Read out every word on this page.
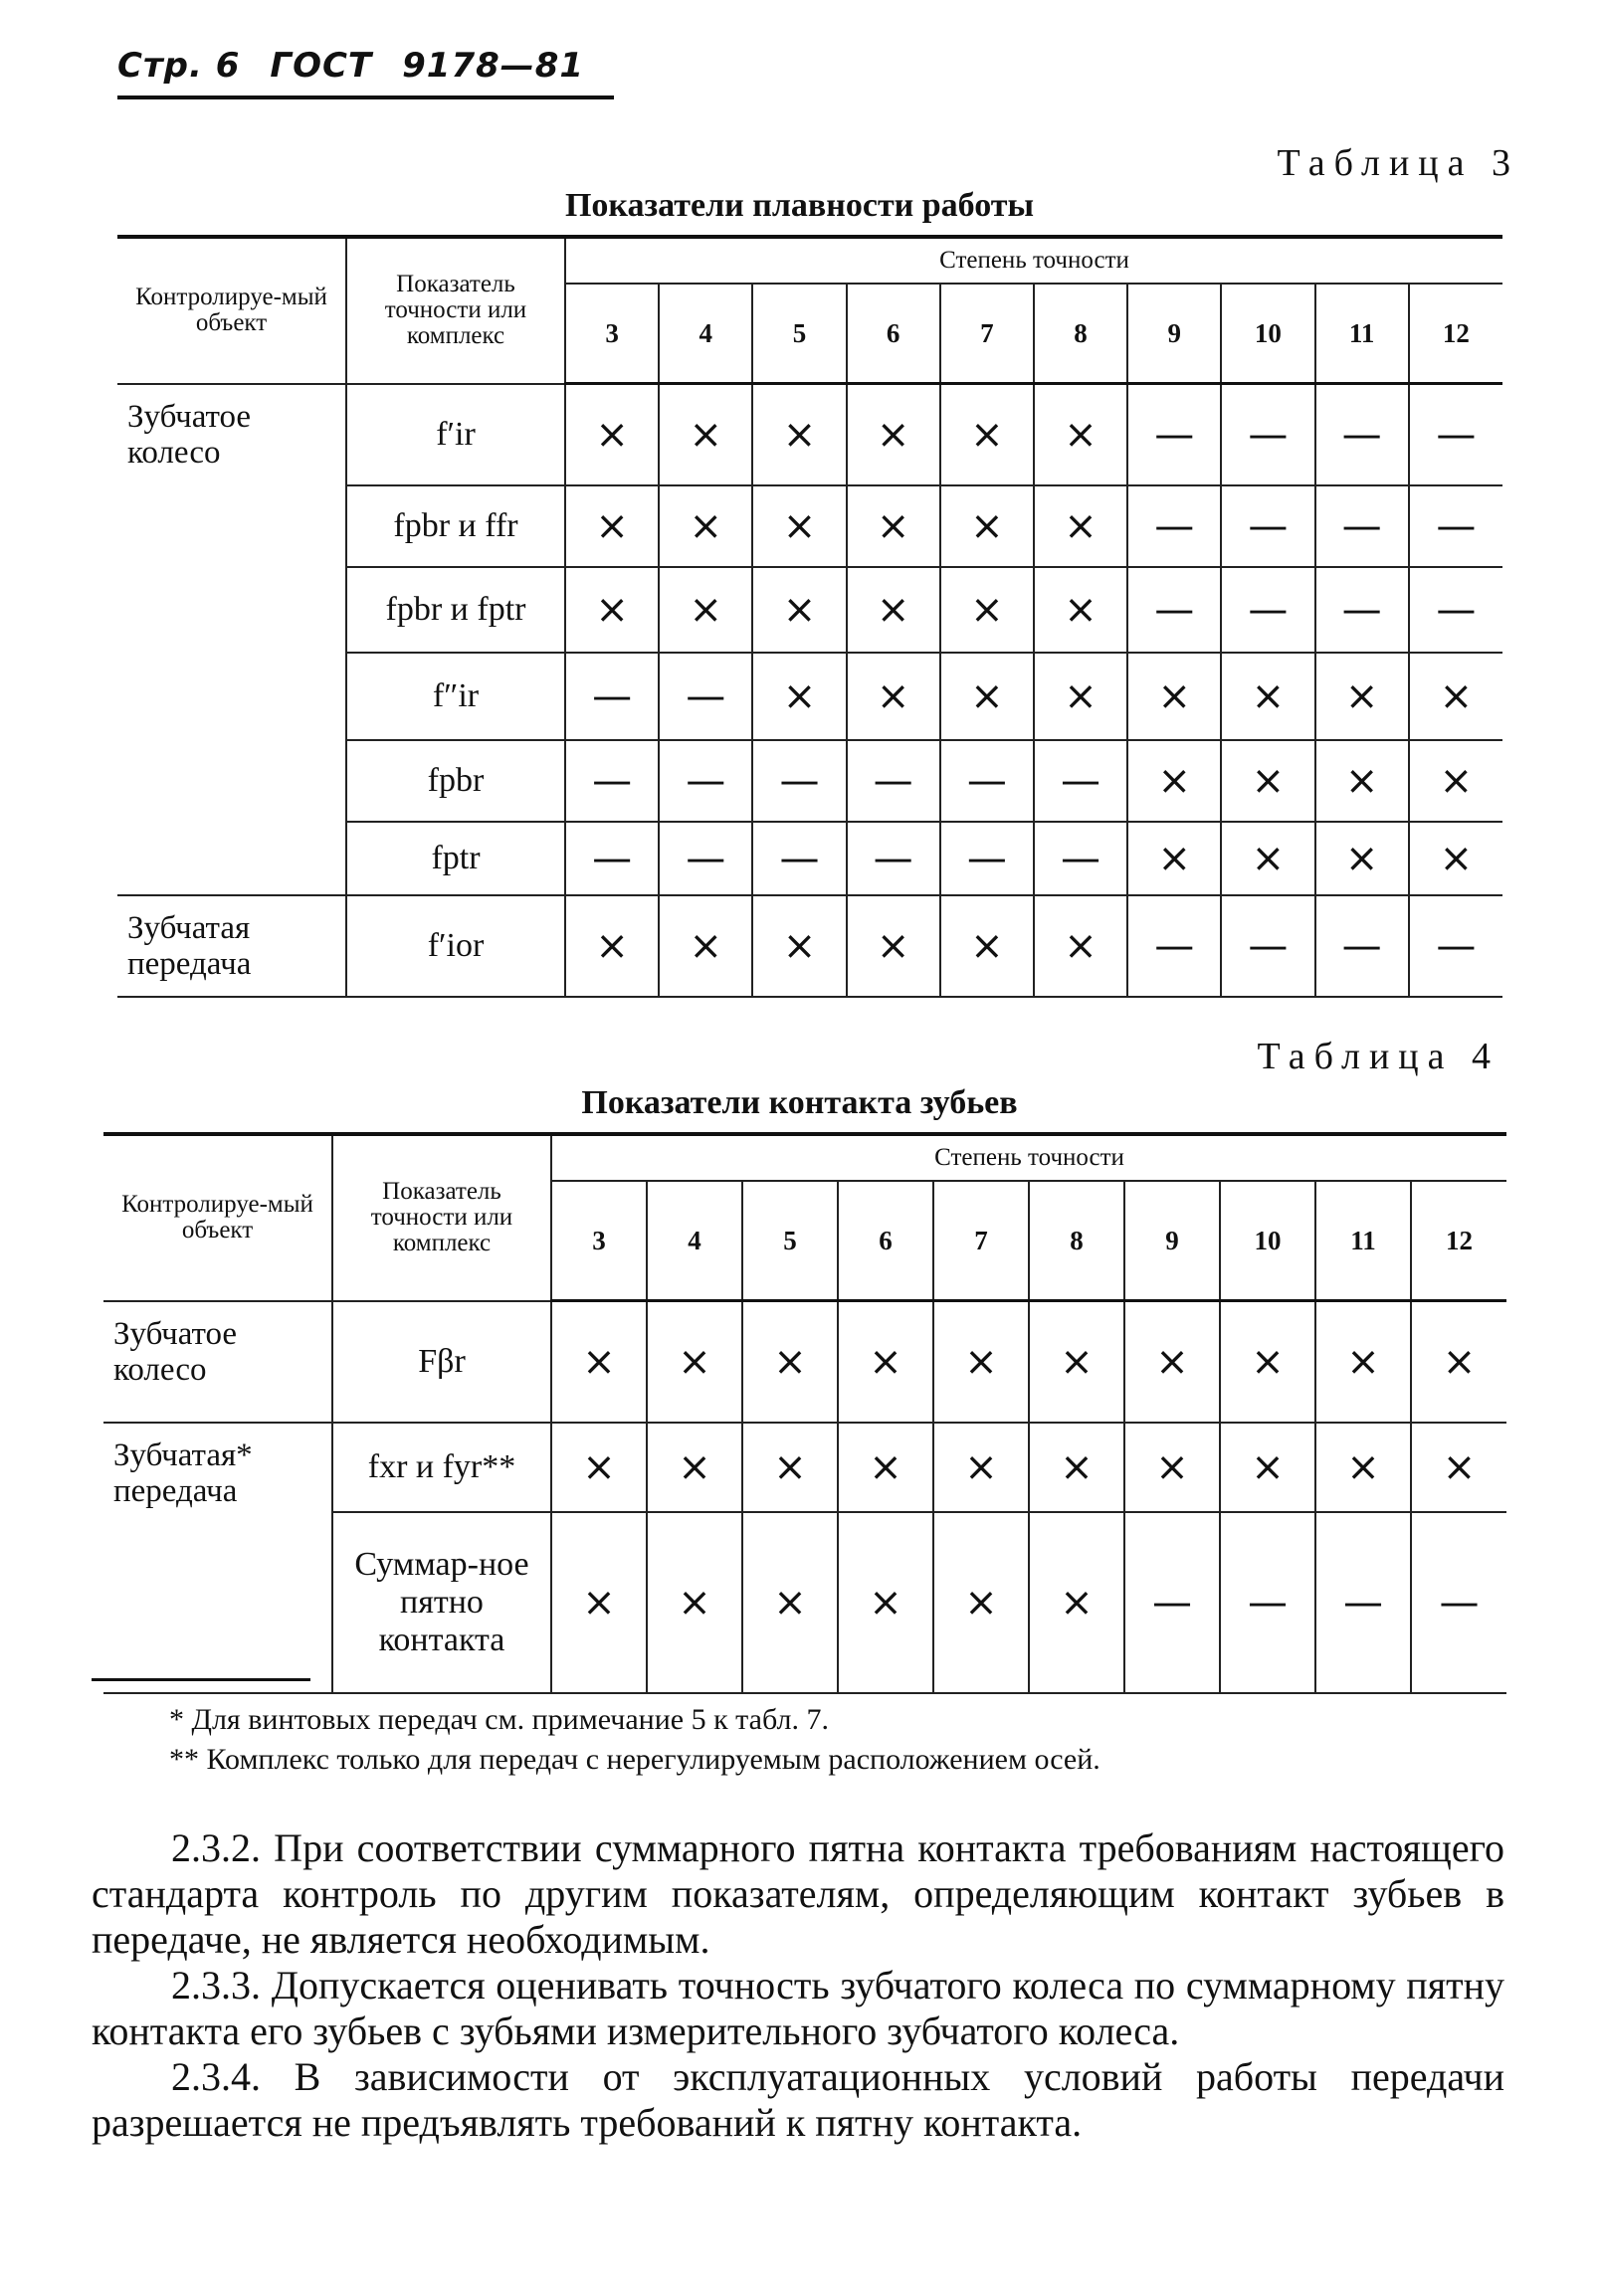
Стр. 6 ГОСТ 9178—81
Таблица 3
Показатели плавности работы
Контролируе-мый объект	Показатель точности или комплекс	Степень точности									
		3	4	5	6	7	8	9	10	11	12
Зубчатое колесо	f′ir	×	×	×	×	×	×	—	—	—	—
	fpbr и ffr	×	×	×	×	×	×	—	—	—	—
	fpbr и fptr	×	×	×	×	×	×	—	—	—	—
	f″ir	—	—	×	×	×	×	×	×	×	×
	fpbr	—	—	—	—	—	—	×	×	×	×
	fptr	—	—	—	—	—	—	×	×	×	×
Зубчатая передача	f′ior	×	×	×	×	×	×	—	—	—	—
Таблица 4
Показатели контакта зубьев
Контролируе-мый объект	Показатель точности или комплекс	Степень точности									
		3	4	5	6	7	8	9	10	11	12
Зубчатое колесо	Fβr	×	×	×	×	×	×	×	×	×	×
Зубчатая* передача	fxr и fyr**	×	×	×	×	×	×	×	×	×	×
	Суммар-ное пятно контакта	×	×	×	×	×	×	—	—	—	—
* Для винтовых передач см. примечание 5 к табл. 7.
** Комплекс только для передач с нерегулируемым расположением осей.

2.3.2. При соответствии суммарного пятна контакта требованиям настоящего стандарта контроль по другим показателям, определяющим контакт зубьев в передаче, не является необходимым.

2.3.3. Допускается оценивать точность зубчатого колеса по суммарному пятну контакта его зубьев с зубьями измерительного зубчатого колеса.

2.3.4. В зависимости от эксплуатационных условий работы передачи разрешается не предъявлять требований к пятну контакта.
